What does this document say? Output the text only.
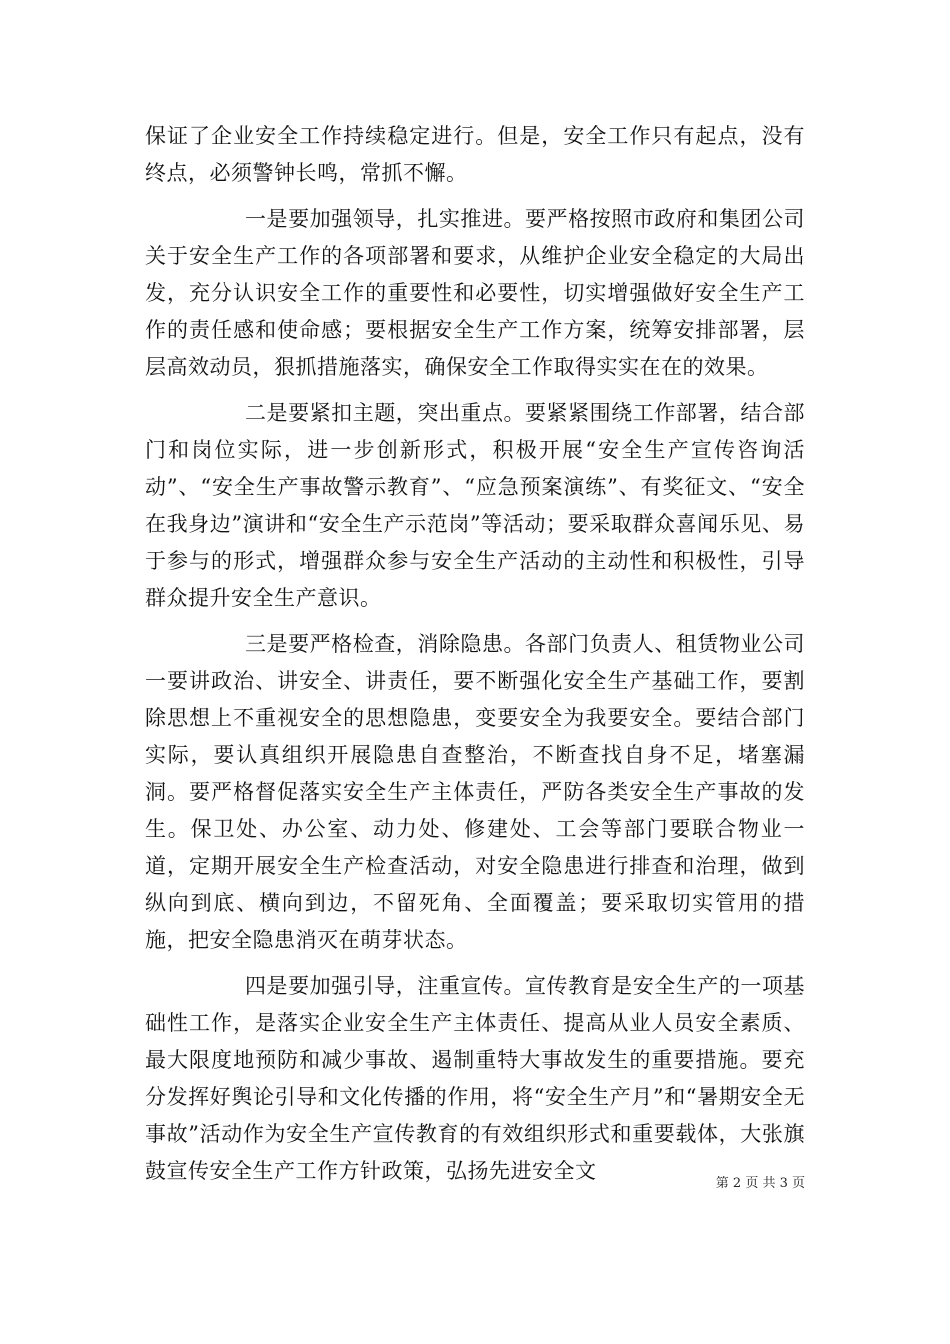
保证了企业安全工作持续稳定进行。但是，安全工作只有起点，没有终点，必须警钟长鸣，常抓不懈。

一是要加强领导，扎实推进。要严格按照市政府和集团公司关于安全生产工作的各项部署和要求，从维护企业安全稳定的大局出发，充分认识安全工作的重要性和必要性，切实增强做好安全生产工作的责任感和使命感；要根据安全生产工作方案，统筹安排部署，层层高效动员，狠抓措施落实，确保安全工作取得实实在在的效果。

二是要紧扣主题，突出重点。要紧紧围绕工作部署，结合部门和岗位实际，进一步创新形式，积极开展“安全生产宣传咨询活动”、“安全生产事故警示教育”、“应急预案演练”、有奖征文、“安全在我身边”演讲和“安全生产示范岗”等活动；要采取群众喜闻乐见、易于参与的形式，增强群众参与安全生产活动的主动性和积极性，引导群众提升安全生产意识。

三是要严格检查，消除隐患。各部门负责人、租赁物业公司一要讲政治、讲安全、讲责任，要不断强化安全生产基础工作，要割除思想上不重视安全的思想隐患，变要安全为我要安全。要结合部门实际，要认真组织开展隐患自查整治，不断查找自身不足，堵塞漏洞。要严格督促落实安全生产主体责任，严防各类安全生产事故的发生。保卫处、办公室、动力处、修建处、工会等部门要联合物业一道，定期开展安全生产检查活动，对安全隐患进行排查和治理，做到纵向到底、横向到边，不留死角、全面覆盖；要采取切实管用的措施，把安全隐患消灭在萌芽状态。

四是要加强引导，注重宣传。宣传教育是安全生产的一项基础性工作，是落实企业安全生产主体责任、提高从业人员安全素质、最大限度地预防和减少事故、遏制重特大事故发生的重要措施。要充分发挥好舆论引导和文化传播的作用，将“安全生产月”和“暑期安全无事故”活动作为安全生产宣传教育的有效组织形式和重要载体，大张旗鼓宣传安全生产工作方针政策，弘扬先进安全文

第 2 页 共 3 页
